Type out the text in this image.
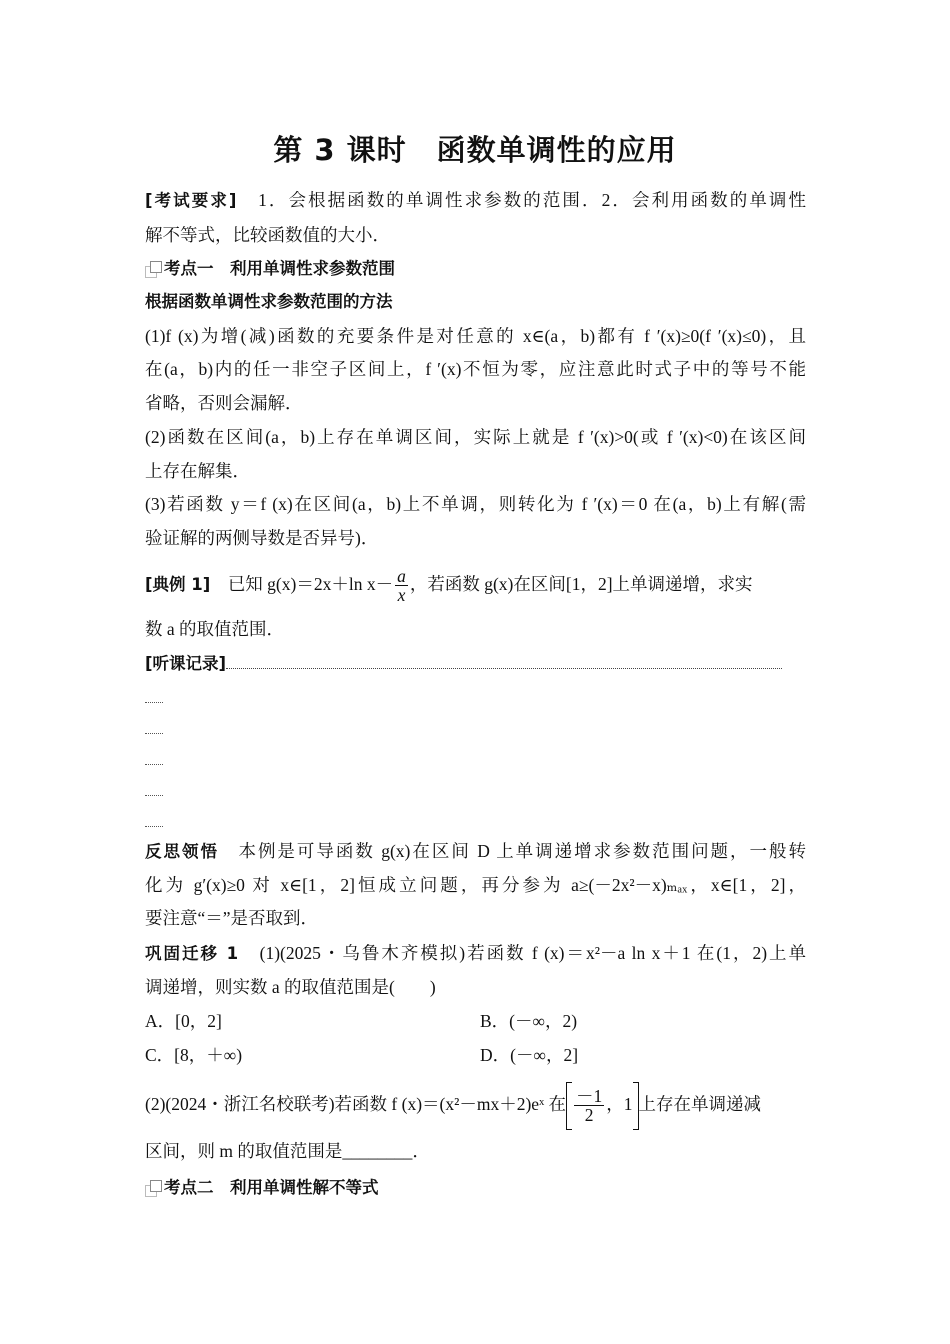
第 3 课时　函数单调性的应用
[考试要求]　 1．会根据函数的单调性求参数的范围．2．会利用函数的单调性
解不等式，比较函数值的大小．
考点一　利用单调性求参数范围
根据函数单调性求参数范围的方法
(1)f (x)为增(减)函数的充要条件是对任意的 x∈(a，b)都有 f ′(x)≥0(f ′(x)≤0)，且
在(a，b)内的任一非空子区间上，f ′(x)不恒为零，应注意此时式子中的等号不能
省略，否则会漏解．
(2)函数在区间(a，b)上存在单调区间，实际上就是 f ′(x)>0(或 f ′(x)<0)在该区间
上存在解集．
(3)若函数 y＝f (x)在区间(a，b)上不单调，则转化为 f ′(x)＝0 在(a，b)上有解(需
验证解的两侧导数是否异号)．
[典例 1]　 已知 g(x)＝2x＋ln $x- \frac{a}{x}$ ，若函数 g(x)在区间[1，2]上单调递增，求实
数 a 的取值范围．
[听课记录]
反思领悟　 本例是可导函数 g(x)在区间 D 上单调递增求参数范围问题，一般转
化为 g′(x)≥0 对 x∈[1，2]恒成立问题，再分参为 a≥(－2x²－x)ₘₐₓ，x∈[1，2]，
要注意“＝”是否取到．
巩固迁移 1　 (1)(2025・乌鲁木齐模拟)若函数 f (x)＝x²－a ln x＋1 在(1，2)上单
调递增，则实数 a 的取值范围是(　　)
A．[0，2]	B．(－∞，2)
C．[8，＋∞)	D．(－∞，2]
(2)(2024・浙江名校联考)若函数 f (x)＝(x²－mx＋2)eˣ 在 $\frac{-1}{2}$ ，1 上存在单调递减
区间，则 m 的取值范围是________．
考点二　利用单调性解不等式
